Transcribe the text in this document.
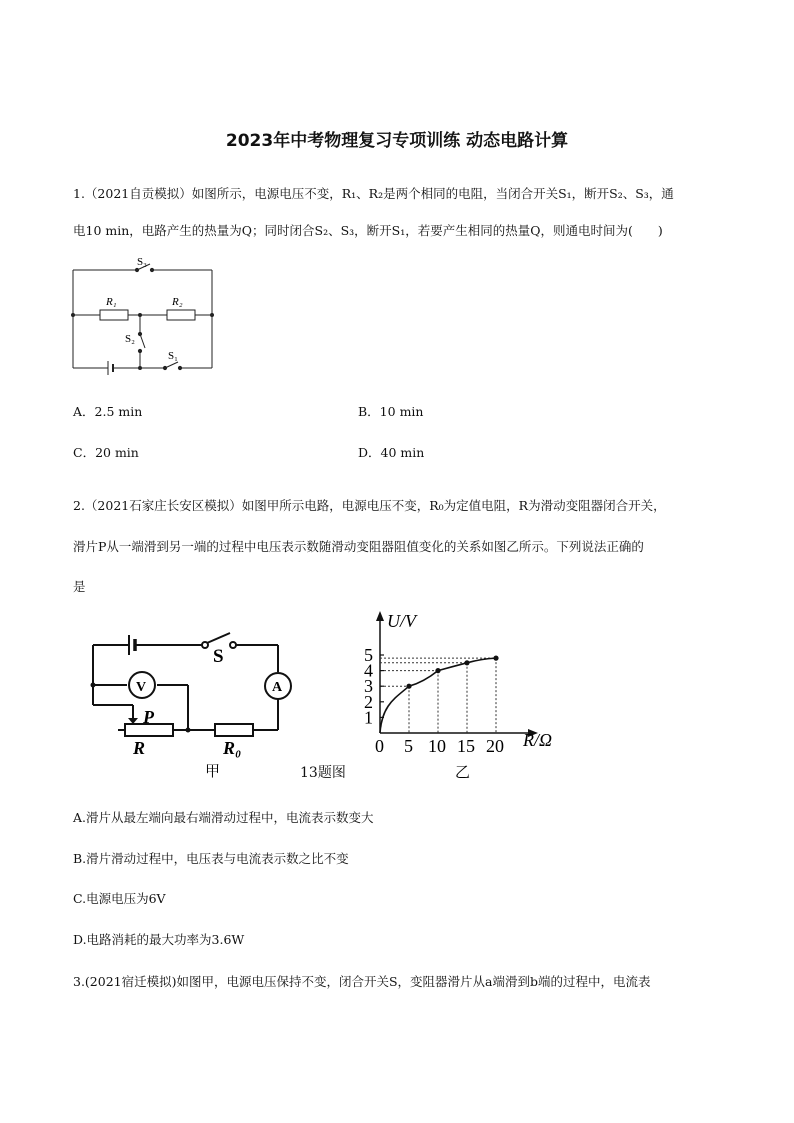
2023年中考物理复习专项训练 动态电路计算
1.（2021自贡模拟）如图所示，电源电压不变，R₁、R₂是两个相同的电阻，当闭合开关S₁，断开S₂、S₃，通
电10 min，电路产生的热量为Q；同时闭合S₂、S₃，断开S₁，若要产生相同的热量Q，则通电时间为(　　)
S₃
R₁	R₂
S₂
S₁
A．2.5 min	B．10 min
C．20 min	D．40 min
2.（2021石家庄长安区模拟）如图甲所示电路，电源电压不变，R₀为定值电阻，R为滑动变阻器闭合开关，
滑片P从一端滑到另一端的过程中电压表示数随滑动变阻器阻值变化的关系如图乙所示。下列说法正确的
是
S
V	A
P
R	R₀
甲	13题图
U/V
R/Ω
乙
1
2
3
4
5
0 5 10 15 20
A.滑片从最左端向最右端滑动过程中，电流表示数变大
B.滑片滑动过程中，电压表与电流表示数之比不变
C.电源电压为6V
D.电路消耗的最大功率为3.6W
3.(2021宿迁模拟)如图甲，电源电压保持不变，闭合开关S，变阻器滑片从a端滑到b端的过程中，电流表
